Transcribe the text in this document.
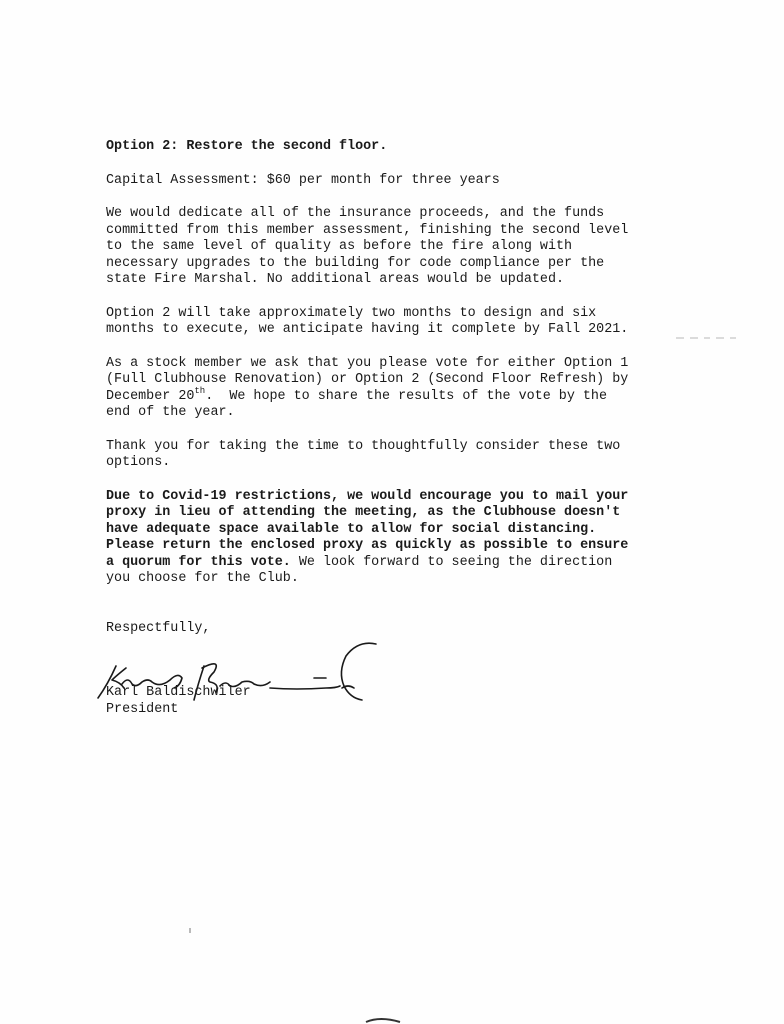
Option 2: Restore the second floor.

Capital Assessment: $60 per month for three years

We would dedicate all of the insurance proceeds, and the funds
committed from this member assessment, finishing the second level
to the same level of quality as before the fire along with
necessary upgrades to the building for code compliance per the
state Fire Marshal. No additional areas would be updated.

Option 2 will take approximately two months to design and six
months to execute, we anticipate having it complete by Fall 2021.

As a stock member we ask that you please vote for either Option 1
(Full Clubhouse Renovation) or Option 2 (Second Floor Refresh) by
December 20th.  We hope to share the results of the vote by the
end of the year.

Thank you for taking the time to thoughtfully consider these two
options.

Due to Covid-19 restrictions, we would encourage you to mail your
proxy in lieu of attending the meeting, as the Clubhouse doesn't
have adequate space available to allow for social distancing.
Please return the enclosed proxy as quickly as possible to ensure
a quorum for this vote. We look forward to seeing the direction
you choose for the Club.

Respectfully,

Karl Baldischwiler

President
